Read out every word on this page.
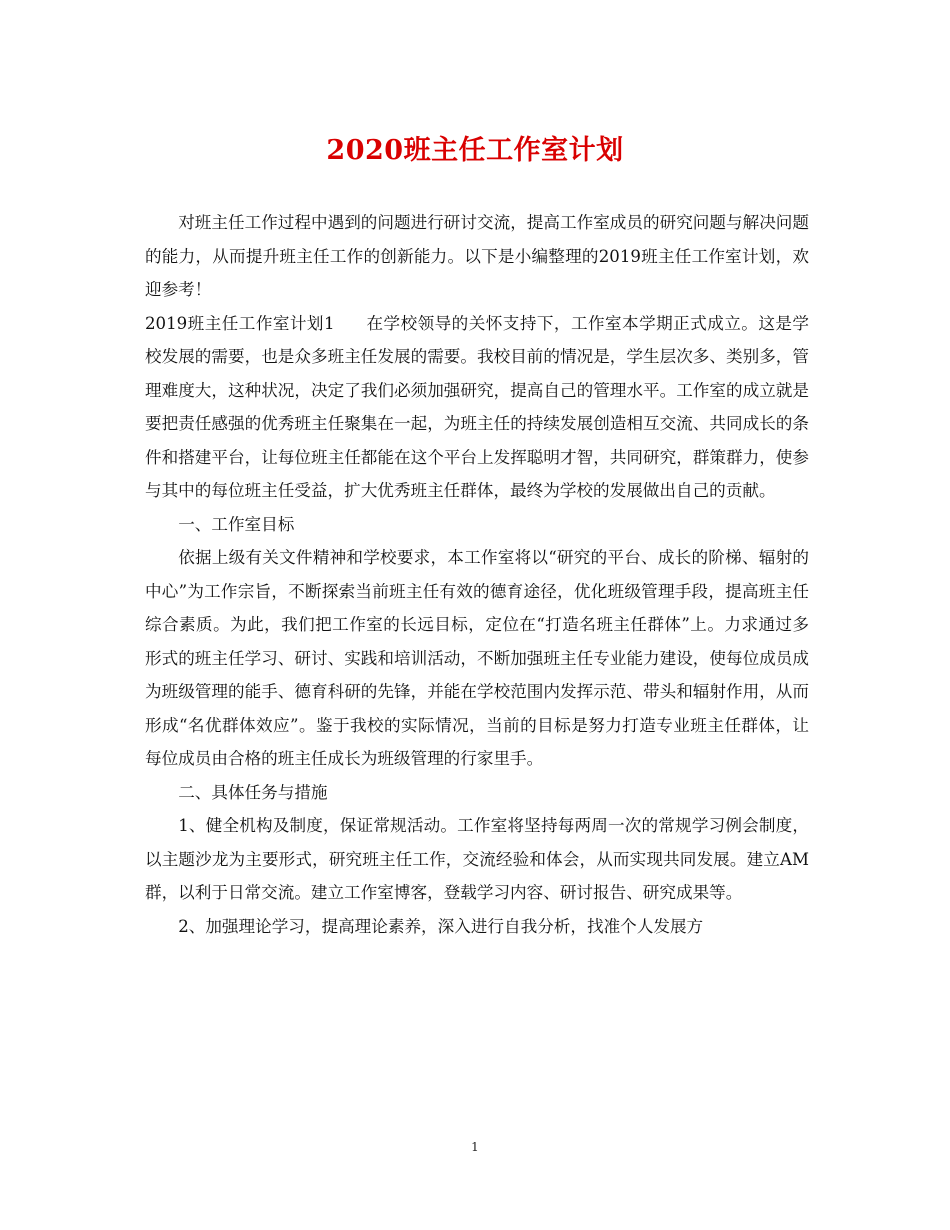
2020班主任工作室计划

对班主任工作过程中遇到的问题进行研讨交流，提高工作室成员的研究问题与解决问题的能力，从而提升班主任工作的创新能力。以下是小编整理的2019班主任工作室计划，欢迎参考！

2019班主任工作室计划1 在学校领导的关怀支持下，工作室本学期正式成立。这是学校发展的需要，也是众多班主任发展的需要。我校目前的情况是，学生层次多、类别多，管理难度大，这种状况，决定了我们必须加强研究，提高自己的管理水平。工作室的成立就是要把责任感强的优秀班主任聚集在一起，为班主任的持续发展创造相互交流、共同成长的条件和搭建平台，让每位班主任都能在这个平台上发挥聪明才智，共同研究，群策群力，使参与其中的每位班主任受益，扩大优秀班主任群体，最终为学校的发展做出自己的贡献。

一、工作室目标

依据上级有关文件精神和学校要求，本工作室将以“研究的平台、成长的阶梯、辐射的中心”为工作宗旨，不断探索当前班主任有效的德育途径，优化班级管理手段，提高班主任综合素质。为此，我们把工作室的长远目标，定位在“打造名班主任群体”上。力求通过多形式的班主任学习、研讨、实践和培训活动，不断加强班主任专业能力建设，使每位成员成为班级管理的能手、德育科研的先锋，并能在学校范围内发挥示范、带头和辐射作用，从而形成“名优群体效应”。鉴于我校的实际情况，当前的目标是努力打造专业班主任群体，让每位成员由合格的班主任成长为班级管理的行家里手。

二、具体任务与措施

1、健全机构及制度，保证常规活动。工作室将坚持每两周一次的常规学习例会制度，以主题沙龙为主要形式，研究班主任工作，交流经验和体会，从而实现共同发展。建立AM群，以利于日常交流。建立工作室博客，登载学习内容、研讨报告、研究成果等。

2、加强理论学习，提高理论素养，深入进行自我分析，找准个人发展方

1
